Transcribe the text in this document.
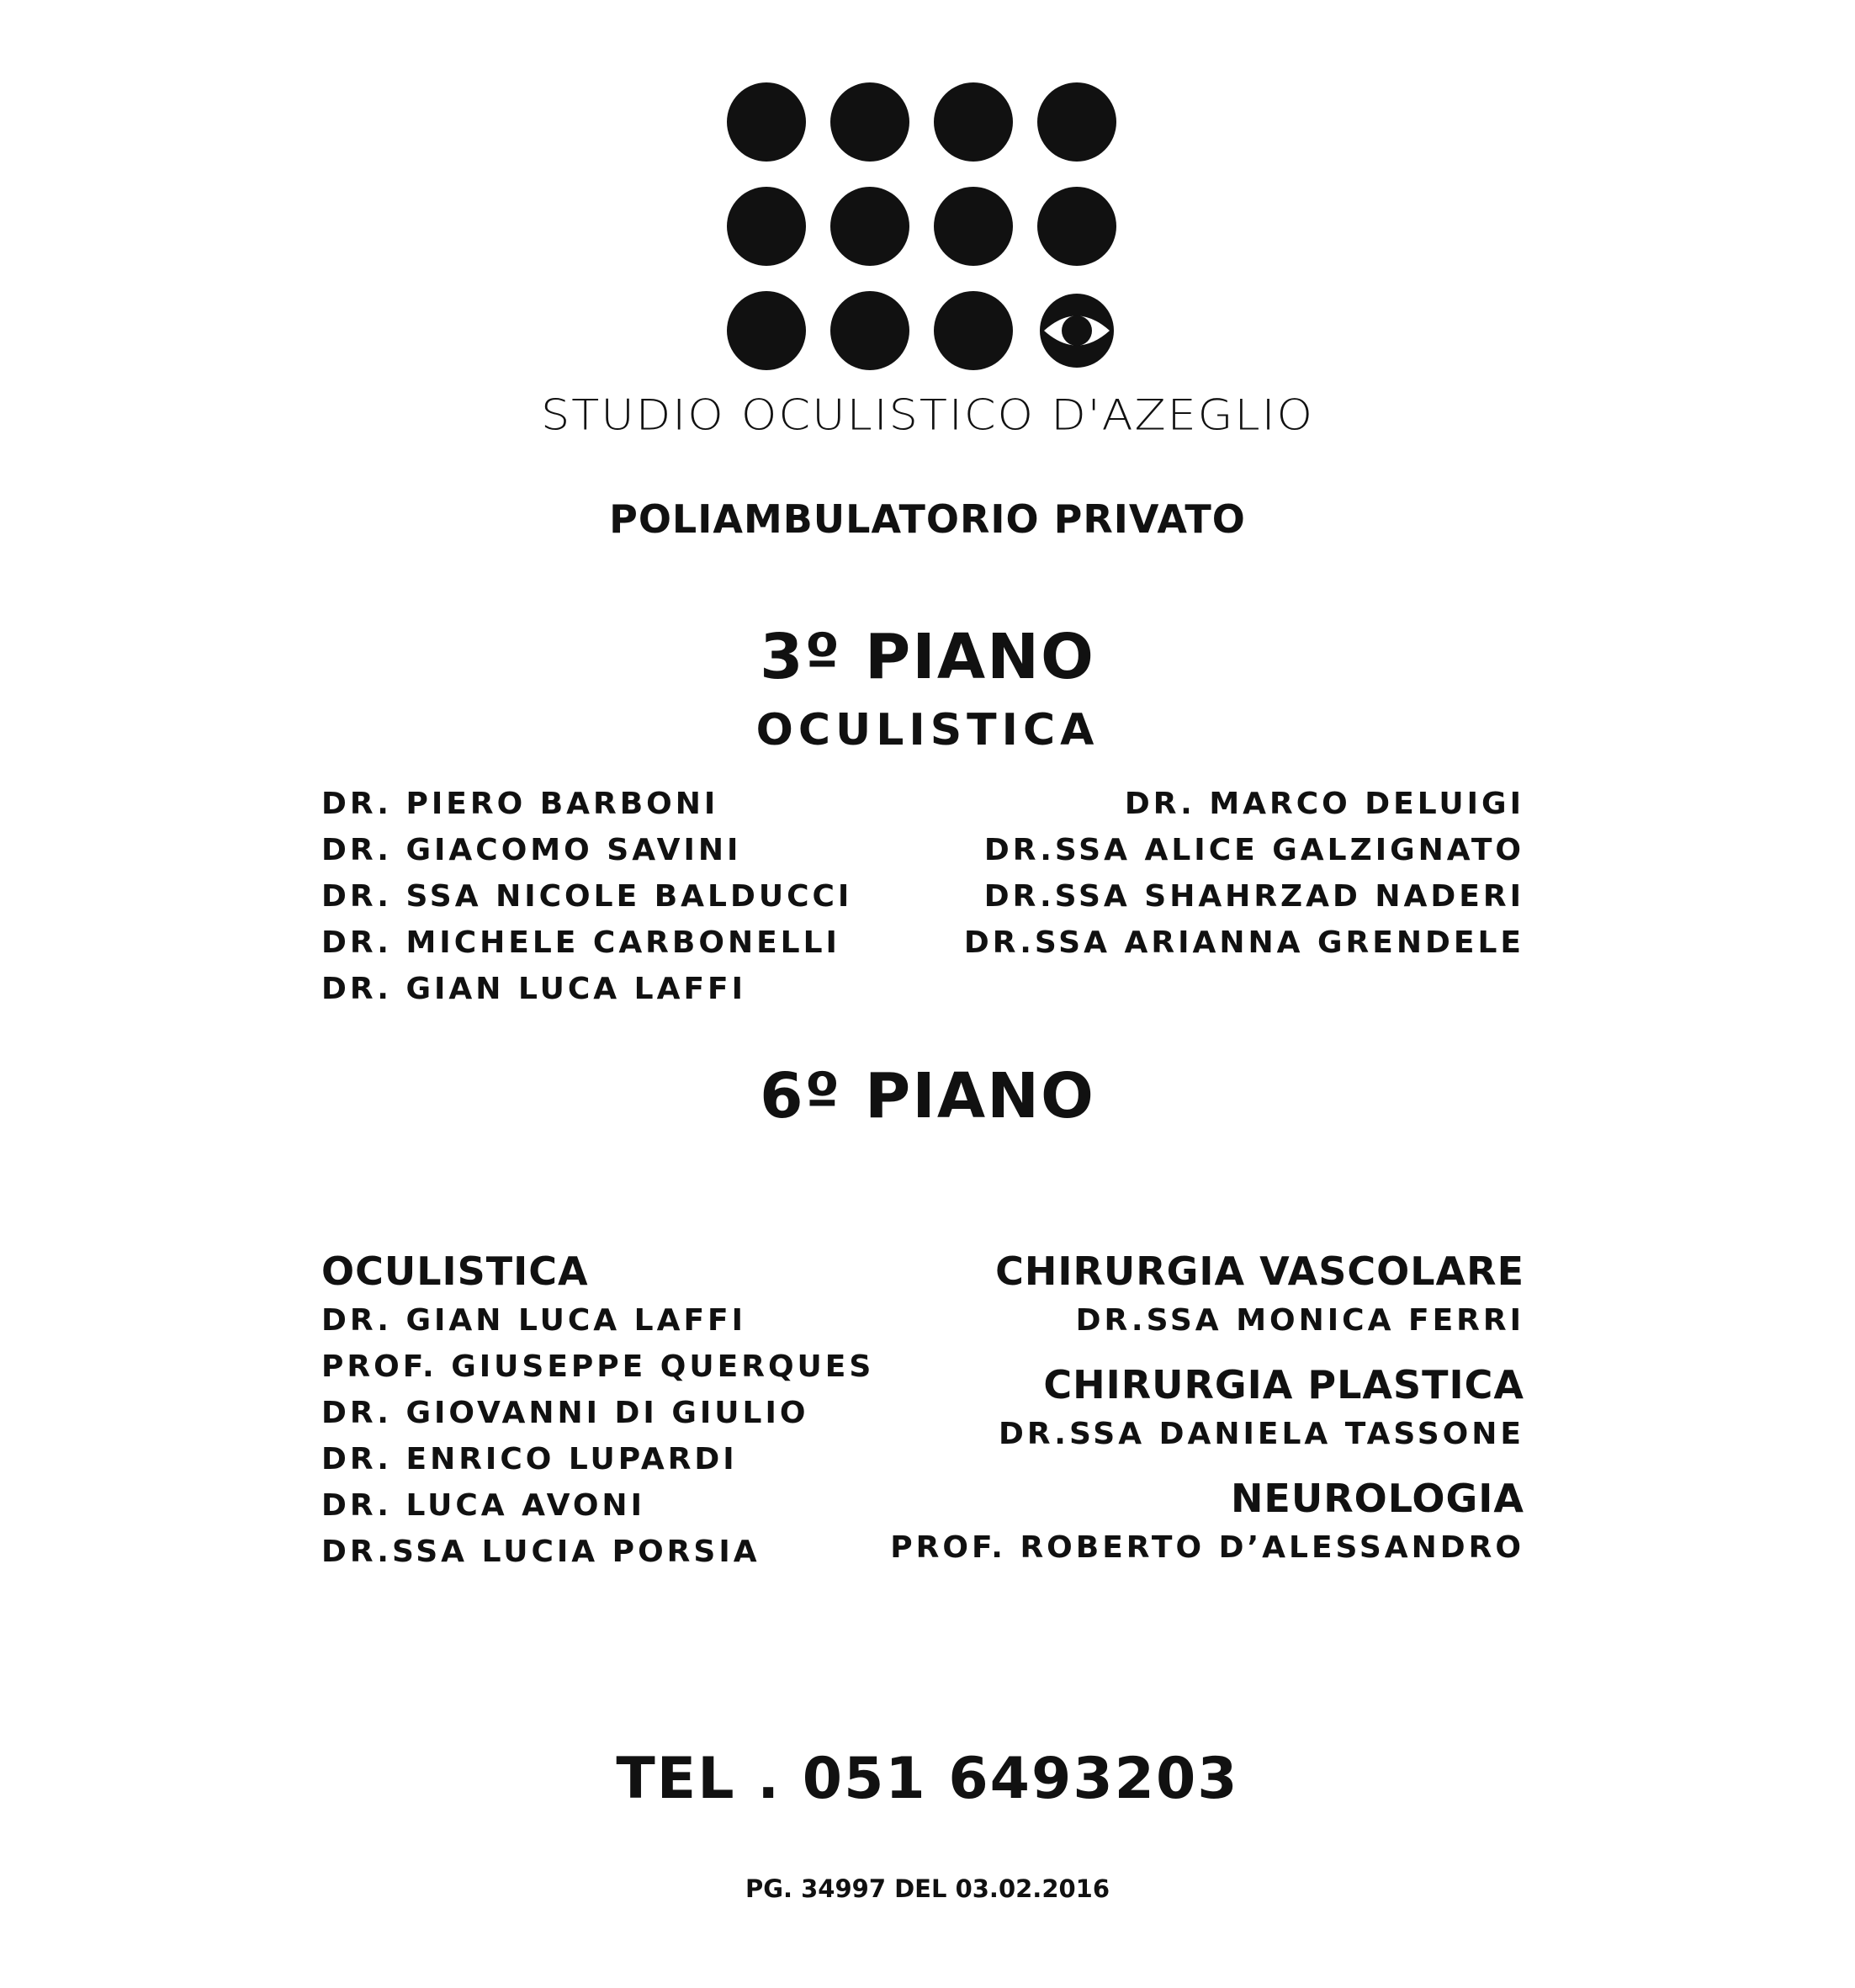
STUDIO OCULISTICO D'AZEGLIO
POLIAMBULATORIO PRIVATO
3º PIANO
OCULISTICA
DR. PIERO BARBONI
DR. GIACOMO SAVINI
DR. SSA NICOLE BALDUCCI
DR. MICHELE CARBONELLI
DR. GIAN LUCA LAFFI
DR. MARCO DELUIGI
DR.SSA ALICE GALZIGNATO
DR.SSA SHAHRZAD NADERI
DR.SSA ARIANNA GRENDELE
6º PIANO
OCULISTICA
DR. GIAN LUCA LAFFI
PROF. GIUSEPPE QUERQUES
DR. GIOVANNI DI GIULIO
DR. ENRICO LUPARDI
DR. LUCA AVONI
DR.SSA LUCIA PORSIA
CHIRURGIA VASCOLARE
DR.SSA MONICA FERRI
CHIRURGIA PLASTICA
DR.SSA DANIELA TASSONE
NEUROLOGIA
PROF. ROBERTO D’ALESSANDRO
TEL . 051 6493203
PG. 34997 DEL 03.02.2016
